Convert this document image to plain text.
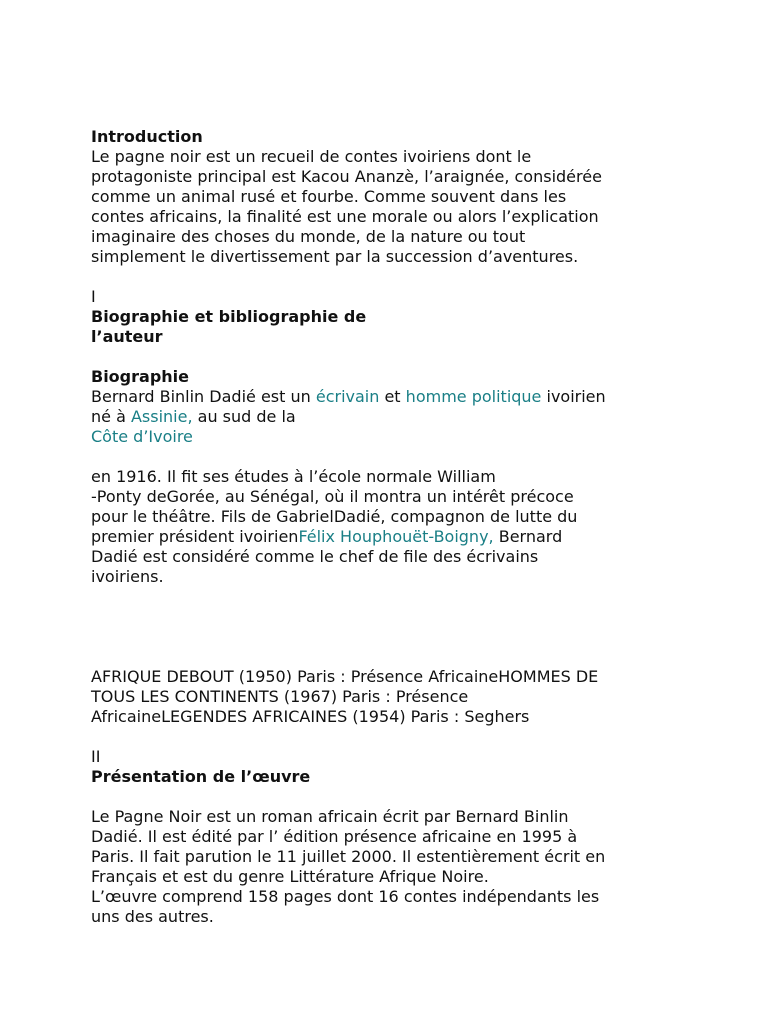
Introduction

Le pagne noir est un recueil de contes ivoiriens dont le
protagoniste principal est Kacou Ananzè, l’araignée, considérée
comme un animal rusé et fourbe. Comme souvent dans les
contes africains, la finalité est une morale ou alors l’explication
imaginaire des choses du monde, de la nature ou tout
simplement le divertissement par la succession d’aventures.

I

Biographie et bibliographie de

l’auteur

Biographie

Bernard Binlin Dadié est un écrivain et homme politique ivoirien

né à Assinie, au sud de la

Côte d’Ivoire

en 1916. Il fit ses études à l’école normale William
-Ponty deGorée, au Sénégal, où il montra un intérêt précoce
pour le théâtre. Fils de GabrielDadié, compagnon de lutte du
premier président ivoirienFélix Houphouët-Boigny, Bernard
Dadié est considéré comme le chef de file des écrivains
ivoiriens.

AFRIQUE DEBOUT (1950) Paris : Présence AfricaineHOMMES DE
TOUS LES CONTINENTS (1967) Paris : Présence
AfricaineLEGENDES AFRICAINES (1954) Paris : Seghers

II

Présentation de l’œuvre

Le Pagne Noir est un roman africain écrit par Bernard Binlin
Dadié. Il est édité par l’ édition présence africaine en 1995 à
Paris. Il fait parution le 11 juillet 2000. Il estentièrement écrit en
Français et est du genre Littérature Afrique Noire.
L’œuvre comprend 158 pages dont 16 contes indépendants les
uns des autres.
